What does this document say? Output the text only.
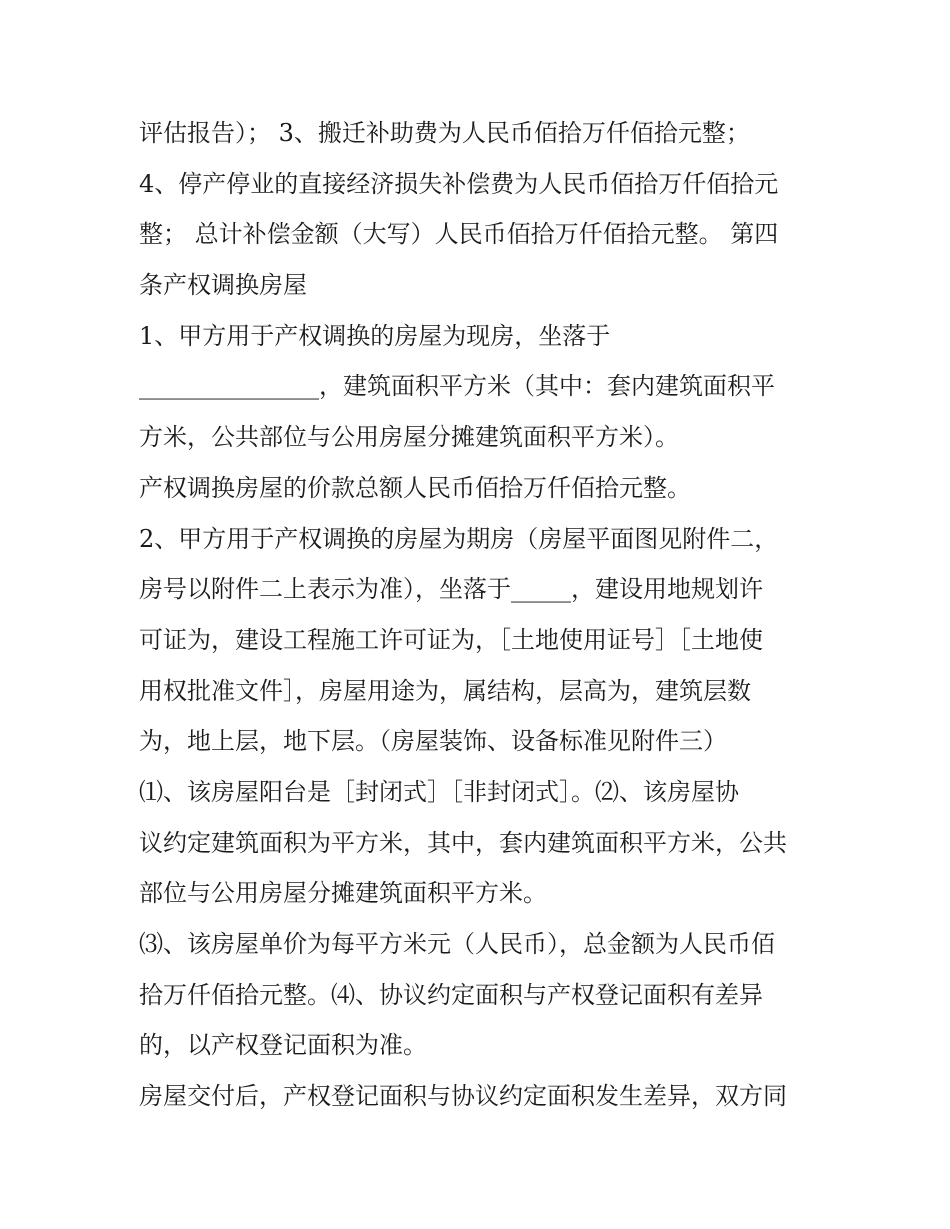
评估报告）； 3、搬迁补助费为人民币佰拾万仟佰拾元整；
4、停产停业的直接经济损失补偿费为人民币佰拾万仟佰拾元
整； 总计补偿金额（大写）人民币佰拾万仟佰拾元整。 第四
条产权调换房屋
1、甲方用于产权调换的房屋为现房，坐落于
_______________，建筑面积平方米（其中：套内建筑面积平
方米，公共部位与公用房屋分摊建筑面积平方米）。
产权调换房屋的价款总额人民币佰拾万仟佰拾元整。
2、甲方用于产权调换的房屋为期房（房屋平面图见附件二，
房号以附件二上表示为准），坐落于_____，建设用地规划许
可证为，建设工程施工许可证为，［土地使用证号］［土地使
用权批准文件］，房屋用途为，属结构，层高为，建筑层数
为，地上层，地下层。（房屋装饰、设备标准见附件三）
⑴、该房屋阳台是［封闭式］［非封闭式］。⑵、该房屋协
议约定建筑面积为平方米，其中，套内建筑面积平方米，公共
部位与公用房屋分摊建筑面积平方米。
⑶、该房屋单价为每平方米元（人民币），总金额为人民币佰
拾万仟佰拾元整。⑷、协议约定面积与产权登记面积有差异
的，以产权登记面积为准。
房屋交付后，产权登记面积与协议约定面积发生差异，双方同
